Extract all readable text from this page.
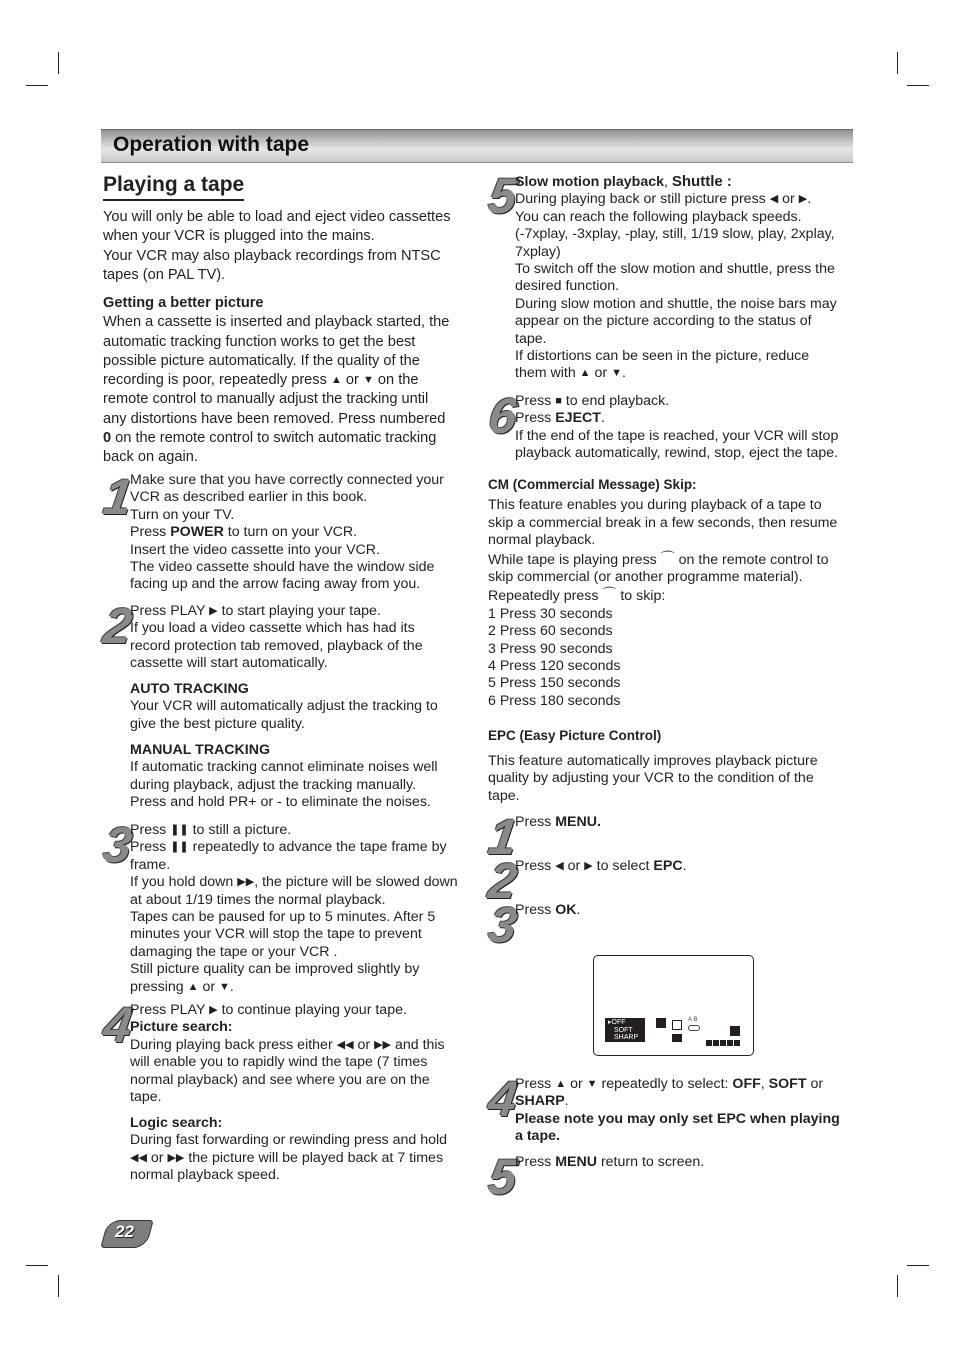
Operation with tape
Playing a tape
You will only be able to load and eject video cassettes
when your VCR is plugged into the mains.
Your VCR may also playback recordings from NTSC
tapes (on PAL TV).
Getting a better picture
When a cassette is inserted and playback started, the
automatic tracking function works to get the best
possible picture automatically. If the quality of the
recording is poor, repeatedly press ▲ or ▼ on the
remote control to manually adjust the tracking until
any distortions have been removed. Press numbered
0 on the remote control to switch automatic tracking
back on again.
1
Make sure that you have correctly connected your
VCR as described earlier in this book.
Turn on your TV.
Press POWER to turn on your VCR.
Insert the video cassette into your VCR.
The video cassette should have the window side
facing up and the arrow facing away from you.
2
Press PLAY ▶ to start playing your tape.
If you load a video cassette which has had its
record protection tab removed, playback of the
cassette will start automatically.
AUTO TRACKING
Your VCR will automatically adjust the tracking to
give the best picture quality.
MANUAL TRACKING
If automatic tracking cannot eliminate noises well
during playback, adjust the tracking manually.
Press and hold PR+ or - to eliminate the noises.
3
Press ❚❚ to still a picture.
Press ❚❚ repeatedly to advance the tape frame by
frame.
If you hold down ▶▶, the picture will be slowed down
at about 1/19 times the normal playback.
Tapes can be paused for up to 5 minutes. After 5
minutes your VCR will stop the tape to prevent
damaging the tape or your VCR .
Still picture quality can be improved slightly by
pressing ▲ or ▼.
4
Press PLAY ▶ to continue playing your tape.
Picture search:
During playing back press either ◀◀ or ▶▶ and this
will enable you to rapidly wind the tape (7 times
normal playback) and see where you are on the
tape.
Logic search:
During fast forwarding or rewinding press and hold
◀◀ or ▶▶ the picture will be played back at 7 times
normal playback speed.
5
Slow motion playback, Shuttle :
During playing back or still picture press ◀ or ▶.
You can reach the following playback speeds.
(-7xplay, -3xplay, -play, still, 1/19 slow, play, 2xplay,
7xplay)
To switch off the slow motion and shuttle, press the
desired function.
During slow motion and shuttle, the noise bars may
appear on the picture according to the status of
tape.
If distortions can be seen in the picture, reduce
them with ▲ or ▼.
6
Press ■ to end playback.
Press EJECT.
If the end of the tape is reached, your VCR will stop
playback automatically, rewind, stop, eject the tape.
CM (Commercial Message) Skip:
This feature enables you during playback of a tape to
skip a commercial break in a few seconds, then resume
normal playback.
While tape is playing press ⌒ on the remote control to
skip commercial (or another programme material).
Repeatedly press ⌒ to skip:
1 Press 30 seconds
2 Press 60 seconds
3 Press 90 seconds
4 Press 120 seconds
5 Press 150 seconds
6 Press 180 seconds
EPC (Easy Picture Control)
This feature automatically improves playback picture
quality by adjusting your VCR to the condition of the
tape.
1
Press MENU.
2
Press ◀ or ▶ to select EPC.
3
Press OK.
▸OFF
SOFT
SHARP
A B
4
Press ▲ or ▼ repeatedly to select: OFF, SOFT or
SHARP.
Please note you may only set EPC when playing
a tape.
5
Press MENU return to screen.
22
